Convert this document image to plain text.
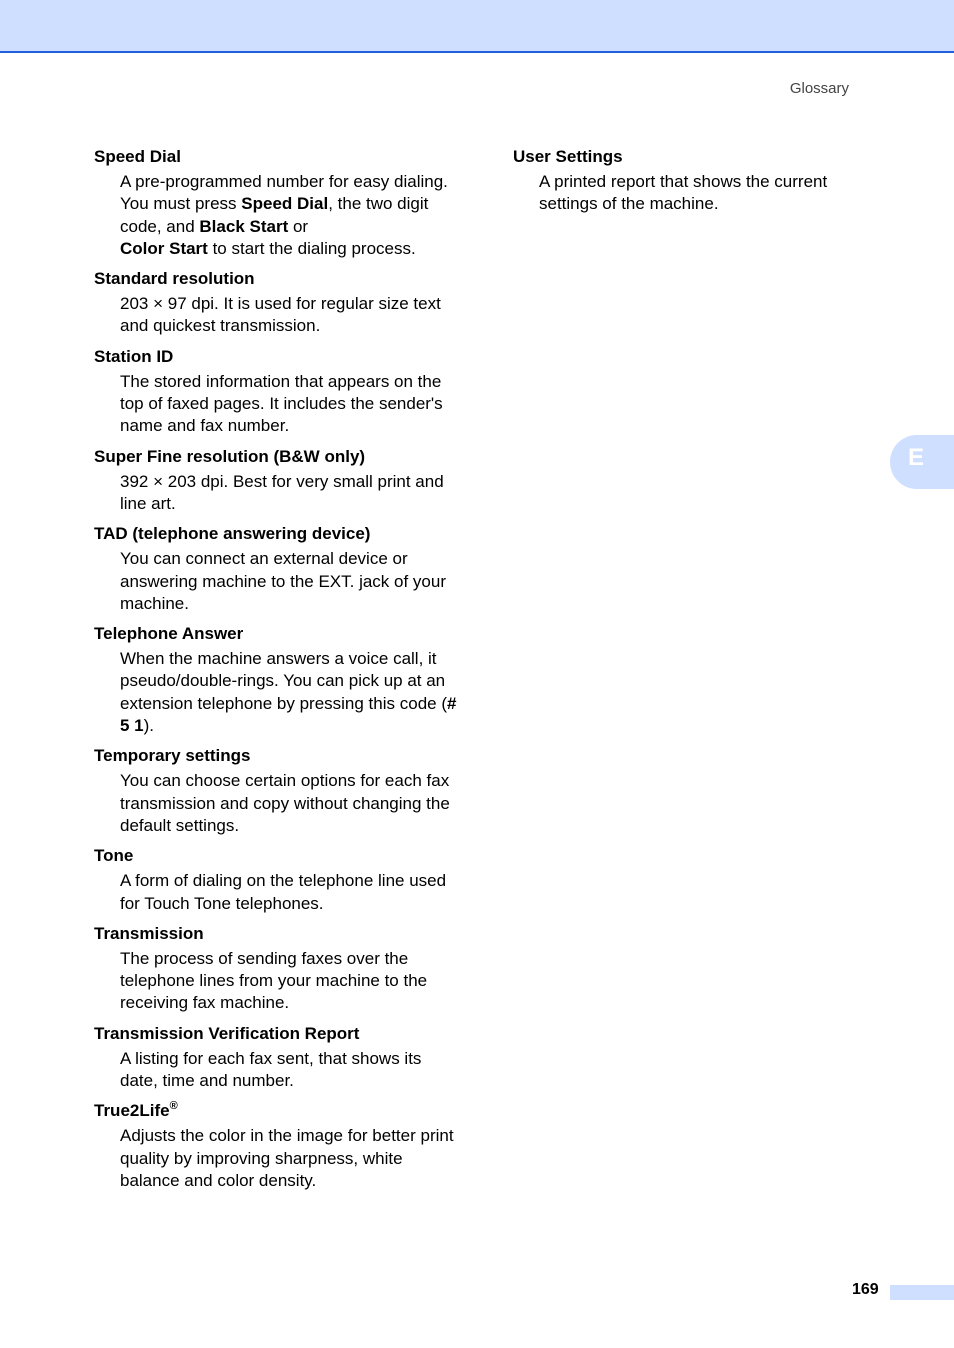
Glossary
Speed Dial

A pre-programmed number for easy dialing. You must press Speed Dial, the two digit code, and Black Start or
Color Start to start the dialing process.

Standard resolution

203 × 97 dpi. It is used for regular size text and quickest transmission.

Station ID

The stored information that appears on the top of faxed pages. It includes the sender's name and fax number.

Super Fine resolution (B&W only)

392 × 203 dpi. Best for very small print and line art.

TAD (telephone answering device)

You can connect an external device or answering machine to the EXT. jack of your machine.

Telephone Answer

When the machine answers a voice call, it pseudo/double-rings. You can pick up at an extension telephone by pressing this code (# 5 1).

Temporary settings

You can choose certain options for each fax transmission and copy without changing the default settings.

Tone

A form of dialing on the telephone line used for Touch Tone telephones.

Transmission

The process of sending faxes over the telephone lines from your machine to the receiving fax machine.

Transmission Verification Report

A listing for each fax sent, that shows its date, time and number.

True2Life®

Adjusts the color in the image for better print quality by improving sharpness, white balance and color density.

User Settings

A printed report that shows the current settings of the machine.

E
169
